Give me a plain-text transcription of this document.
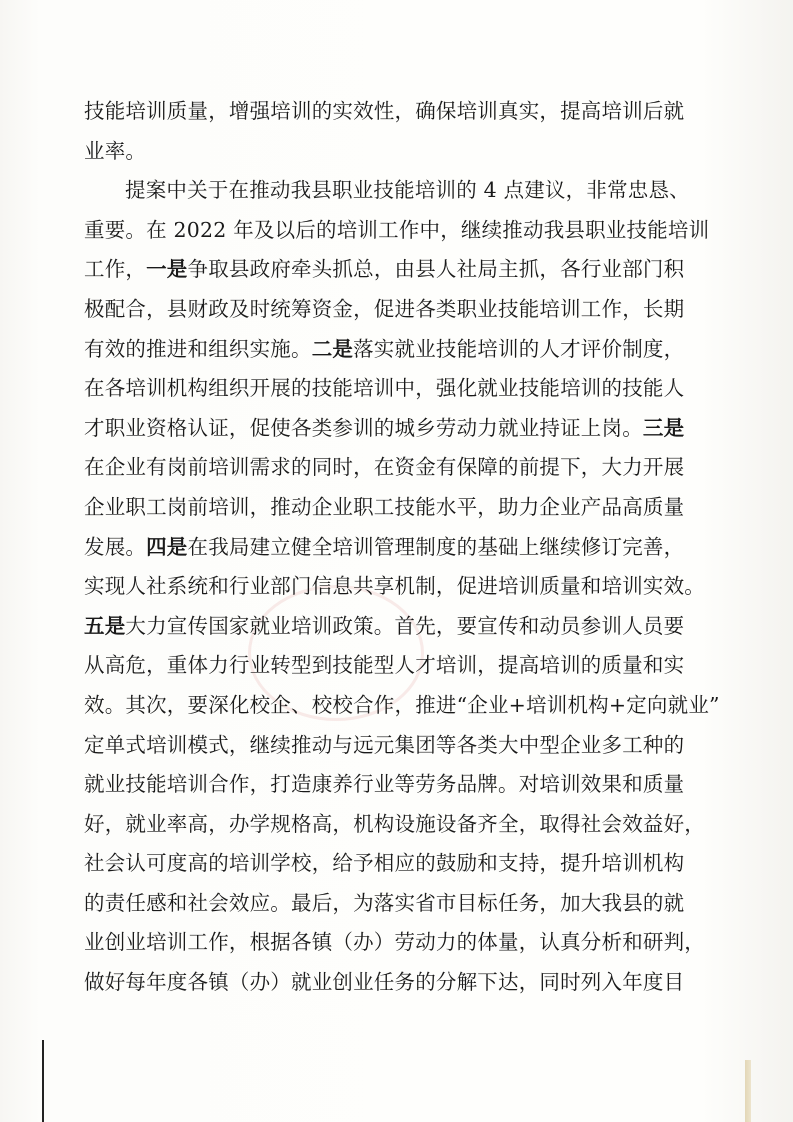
技能培训质量，增强培训的实效性，确保培训真实，提高培训后就

业率。

提案中关于在推动我县职业技能培训的 4 点建议，非常忠恳、

重要。在 2022 年及以后的培训工作中，继续推动我县职业技能培训

工作，一是争取县政府牵头抓总，由县人社局主抓，各行业部门积

极配合，县财政及时统筹资金，促进各类职业技能培训工作，长期

有效的推进和组织实施。二是落实就业技能培训的人才评价制度，

在各培训机构组织开展的技能培训中，强化就业技能培训的技能人

才职业资格认证，促使各类参训的城乡劳动力就业持证上岗。三是

在企业有岗前培训需求的同时，在资金有保障的前提下，大力开展

企业职工岗前培训，推动企业职工技能水平，助力企业产品高质量

发展。四是在我局建立健全培训管理制度的基础上继续修订完善，

实现人社系统和行业部门信息共享机制，促进培训质量和培训实效。

五是大力宣传国家就业培训政策。首先，要宣传和动员参训人员要

从高危，重体力行业转型到技能型人才培训，提高培训的质量和实

效。其次，要深化校企、校校合作，推进“企业+培训机构+定向就业”

定单式培训模式，继续推动与远元集团等各类大中型企业多工种的

就业技能培训合作，打造康养行业等劳务品牌。对培训效果和质量

好，就业率高，办学规格高，机构设施设备齐全，取得社会效益好，

社会认可度高的培训学校，给予相应的鼓励和支持，提升培训机构

的责任感和社会效应。最后，为落实省市目标任务，加大我县的就

业创业培训工作，根据各镇（办）劳动力的体量，认真分析和研判，

做好每年度各镇（办）就业创业任务的分解下达，同时列入年度目
